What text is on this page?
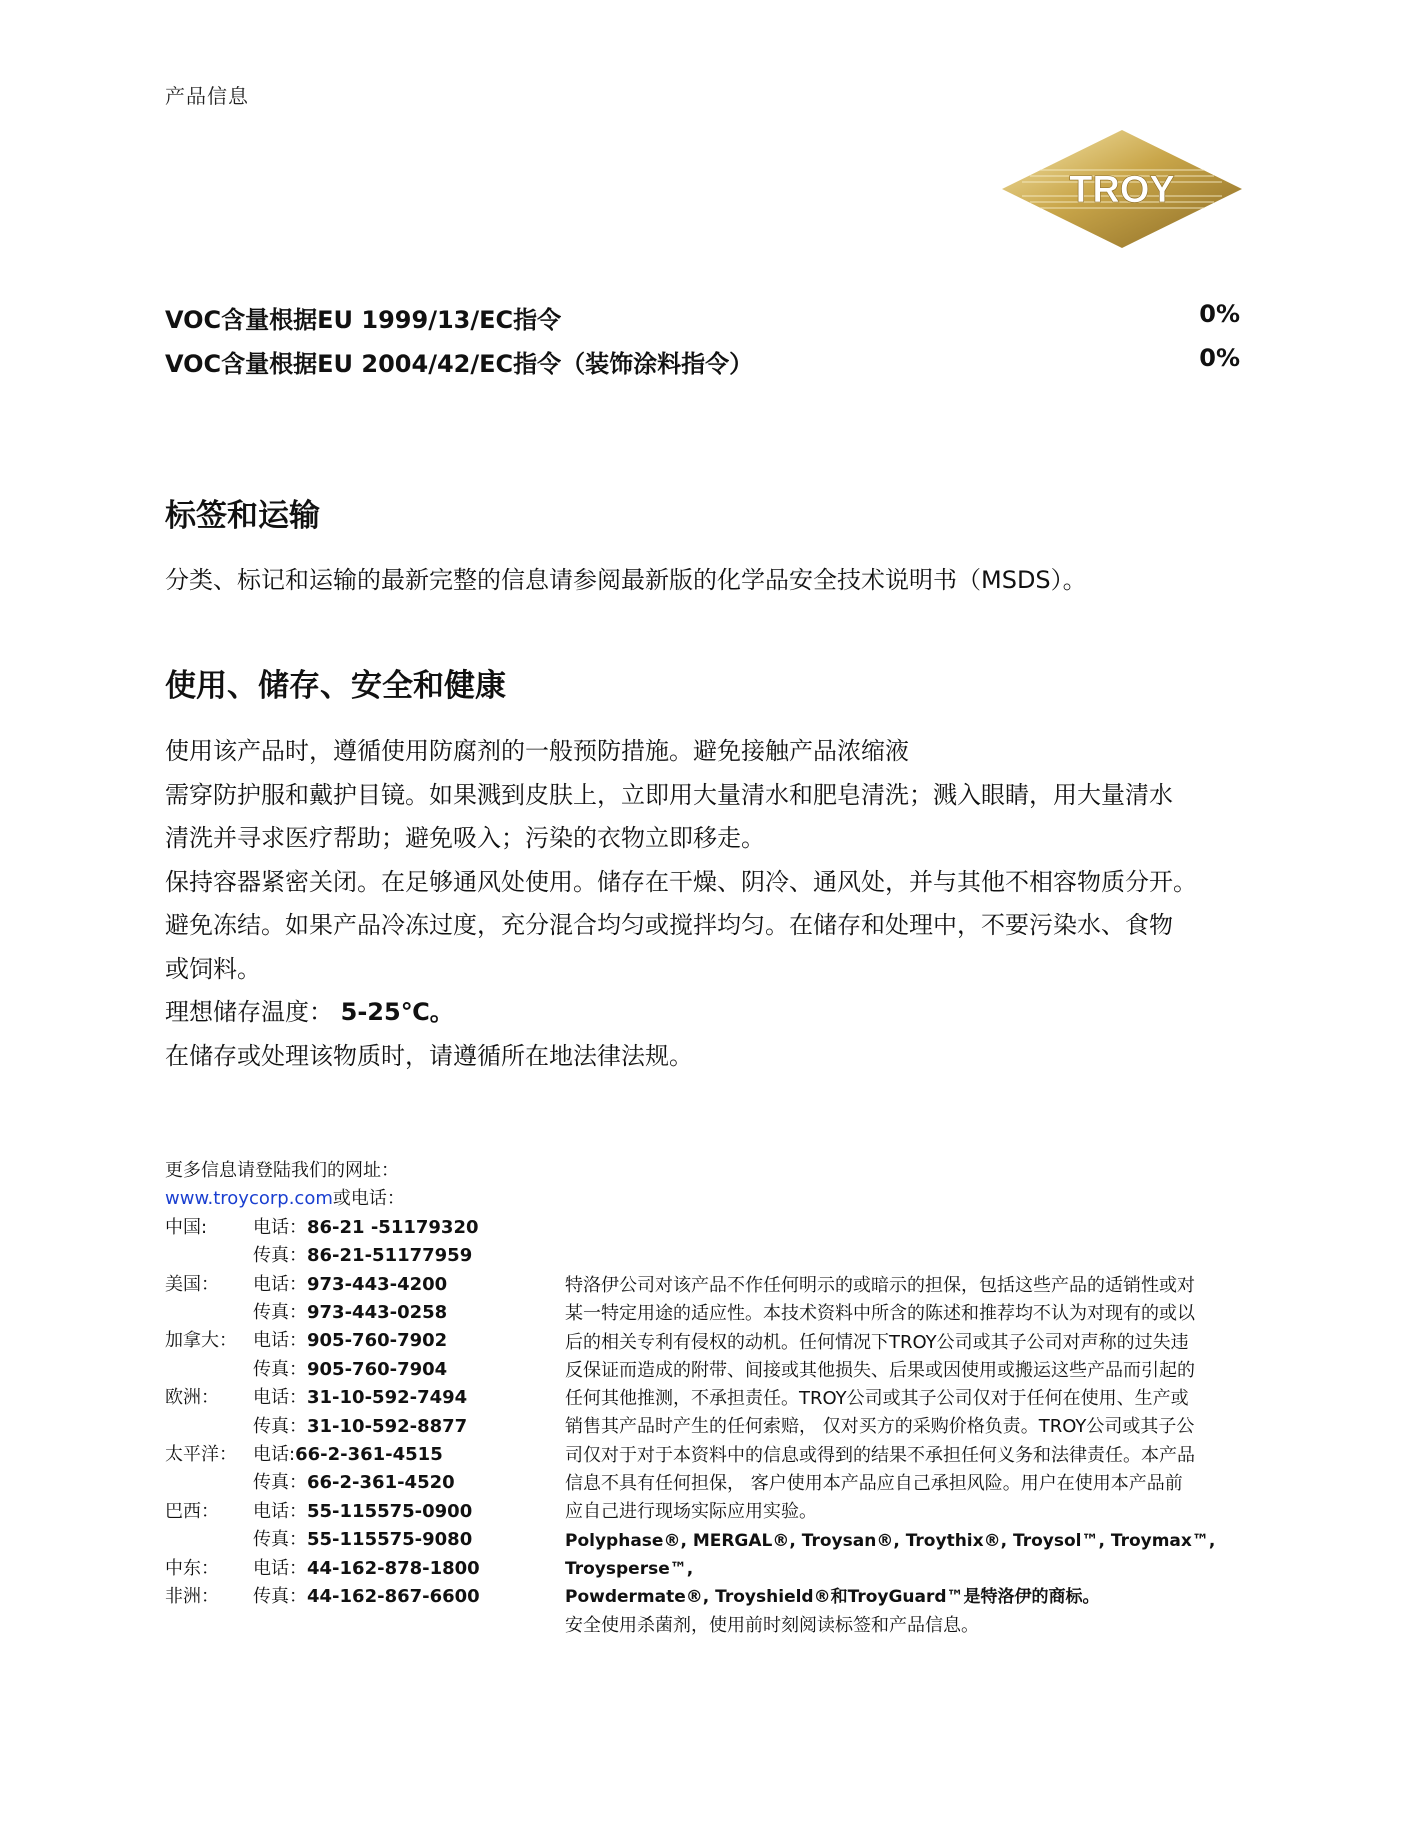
产品信息
TROY
VOC含量根据EU 1999/13/EC指令	0%
VOC含量根据EU 2004/42/EC指令（装饰涂料指令）	0%
标签和运输
分类、标记和运输的最新完整的信息请参阅最新版的化学品安全技术说明书（MSDS）。
使用、储存、安全和健康
使用该产品时，遵循使用防腐剂的一般预防措施。避免接触产品浓缩液
需穿防护服和戴护目镜。如果溅到皮肤上，立即用大量清水和肥皂清洗；溅入眼睛，用大量清水
清洗并寻求医疗帮助；避免吸入；污染的衣物立即移走。
保持容器紧密关闭。在足够通风处使用。储存在干燥、阴冷、通风处，并与其他不相容物质分开。
避免冻结。如果产品冷冻过度，充分混合均匀或搅拌均匀。在储存和处理中，不要污染水、食物
或饲料。
理想储存温度： 5-25℃。
在储存或处理该物质时，请遵循所在地法律法规。
更多信息请登陆我们的网址：
www.troycorp.com或电话：
中国:	电话： 86-21 -51179320
传真： 86-21-51177959
美国：	电话： 973-443-4200
传真： 973-443-0258
加拿大： 电话： 905-760-7902
传真： 905-760-7904
欧洲：	电话： 31-10-592-7494
传真： 31-10-592-8877
太平洋： 电话: 66-2-361-4515
传真： 66-2-361-4520
巴西：	电话： 55-115575-0900
传真： 55-115575-9080
中东：	电话： 44-162-878-1800
非洲：	传真： 44-162-867-6600
特洛伊公司对该产品不作任何明示的或暗示的担保，包括这些产品的适销性或对
某一特定用途的适应性。本技术资料中所含的陈述和推荐均不认为对现有的或以
后的相关专利有侵权的动机。任何情况下TROY公司或其子公司对声称的过失违
反保证而造成的附带、间接或其他损失、后果或因使用或搬运这些产品而引起的
任何其他推测，不承担责任。TROY公司或其子公司仅对于任何在使用、生产或
销售其产品时产生的任何索赔， 仅对买方的采购价格负责。TROY公司或其子公
司仅对于对于本资料中的信息或得到的结果不承担任何义务和法律责任。本产品
信息不具有任何担保， 客户使用本产品应自己承担风险。用户在使用本产品前
应自己进行现场实际应用实验。
Polyphase®, MERGAL®, Troysan®, Troythix®, Troysol™, Troymax™, Troysperse™,
Powdermate®, Troyshield®和TroyGuard™是特洛伊的商标。
安全使用杀菌剂，使用前时刻阅读标签和产品信息。
